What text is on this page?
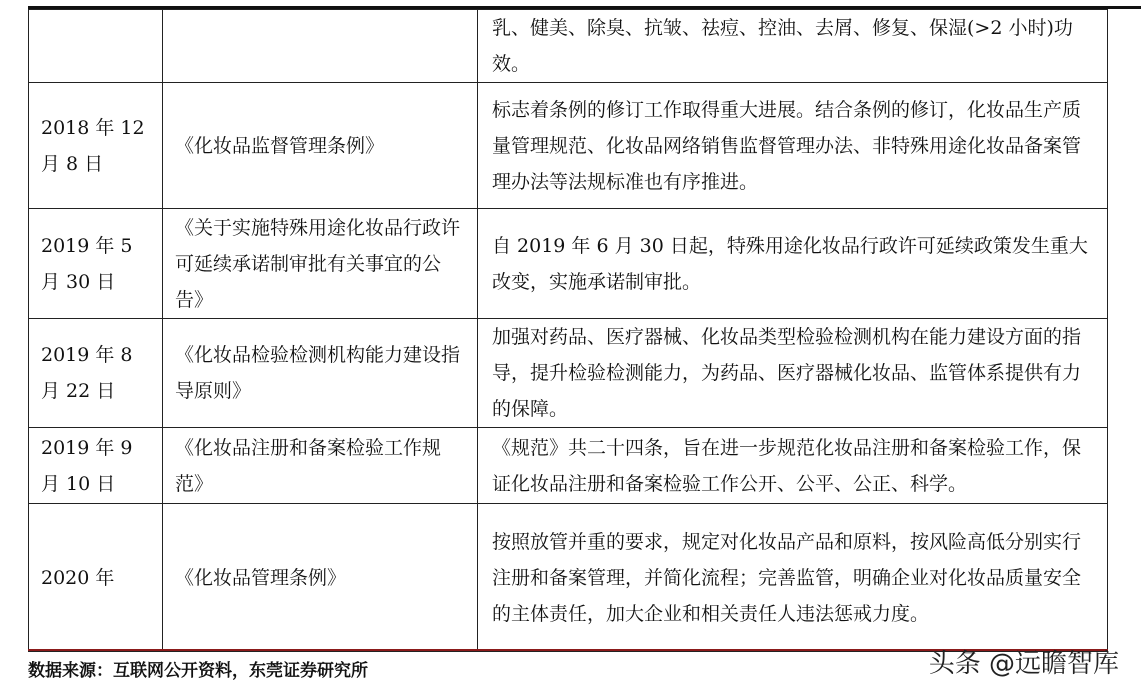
		乳、健美、除臭、抗皱、祛痘、控油、去屑、修复、保湿(>2 小时)功效。
2018 年 12 月 8 日	《化妆品监督管理条例》	标志着条例的修订工作取得重大进展。结合条例的修订，化妆品生产质量管理规范、化妆品网络销售监督管理办法、非特殊用途化妆品备案管理办法等法规标准也有序推进。
2019 年 5 月 30 日	《关于实施特殊用途化妆品行政许可延续承诺制审批有关事宜的公告》	自 2019 年 6 月 30 日起，特殊用途化妆品行政许可延续政策发生重大改变，实施承诺制审批。
2019 年 8 月 22 日	《化妆品检验检测机构能力建设指导原则》	加强对药品、医疗器械、化妆品类型检验检测机构在能力建设方面的指导，提升检验检测能力，为药品、医疗器械化妆品、监管体系提供有力的保障。
2019 年 9 月 10 日	《化妆品注册和备案检验工作规范》	《规范》共二十四条，旨在进一步规范化妆品注册和备案检验工作，保证化妆品注册和备案检验工作公开、公平、公正、科学。
2020 年	《化妆品管理条例》	按照放管并重的要求，规定对化妆品产品和原料，按风险高低分别实行注册和备案管理，并简化流程；完善监管，明确企业对化妆品质量安全的主体责任，加大企业和相关责任人违法惩戒力度。
数据来源：互联网公开资料，东莞证券研究所	头条 @远瞻智库
